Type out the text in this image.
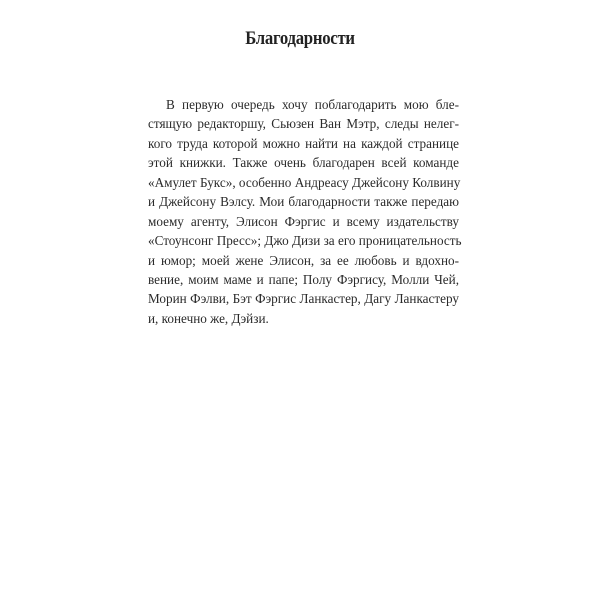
Благодарности
В первую очередь хочу поблагодарить мою бле-
стящую редакторшу, Сьюзен Ван Мэтр, следы нелег-
кого труда которой можно найти на каждой странице
этой книжки. Также очень благодарен всей команде
«Амулет Букс», особенно Андреасу Джейсону Колвину
и Джейсону Вэлсу. Мои благодарности также передаю
моему агенту, Элисон Фэргис и всему издательству
«Стоунсонг Пресс»; Джо Дизи за его проницательность
и юмор; моей жене Элисон, за ее любовь и вдохно-
вение, моим маме и папе; Полу Фэргису, Молли Чей,
Морин Фэлви, Бэт Фэргис Ланкастер, Дагу Ланкастеру
и, конечно же, Дэйзи.
